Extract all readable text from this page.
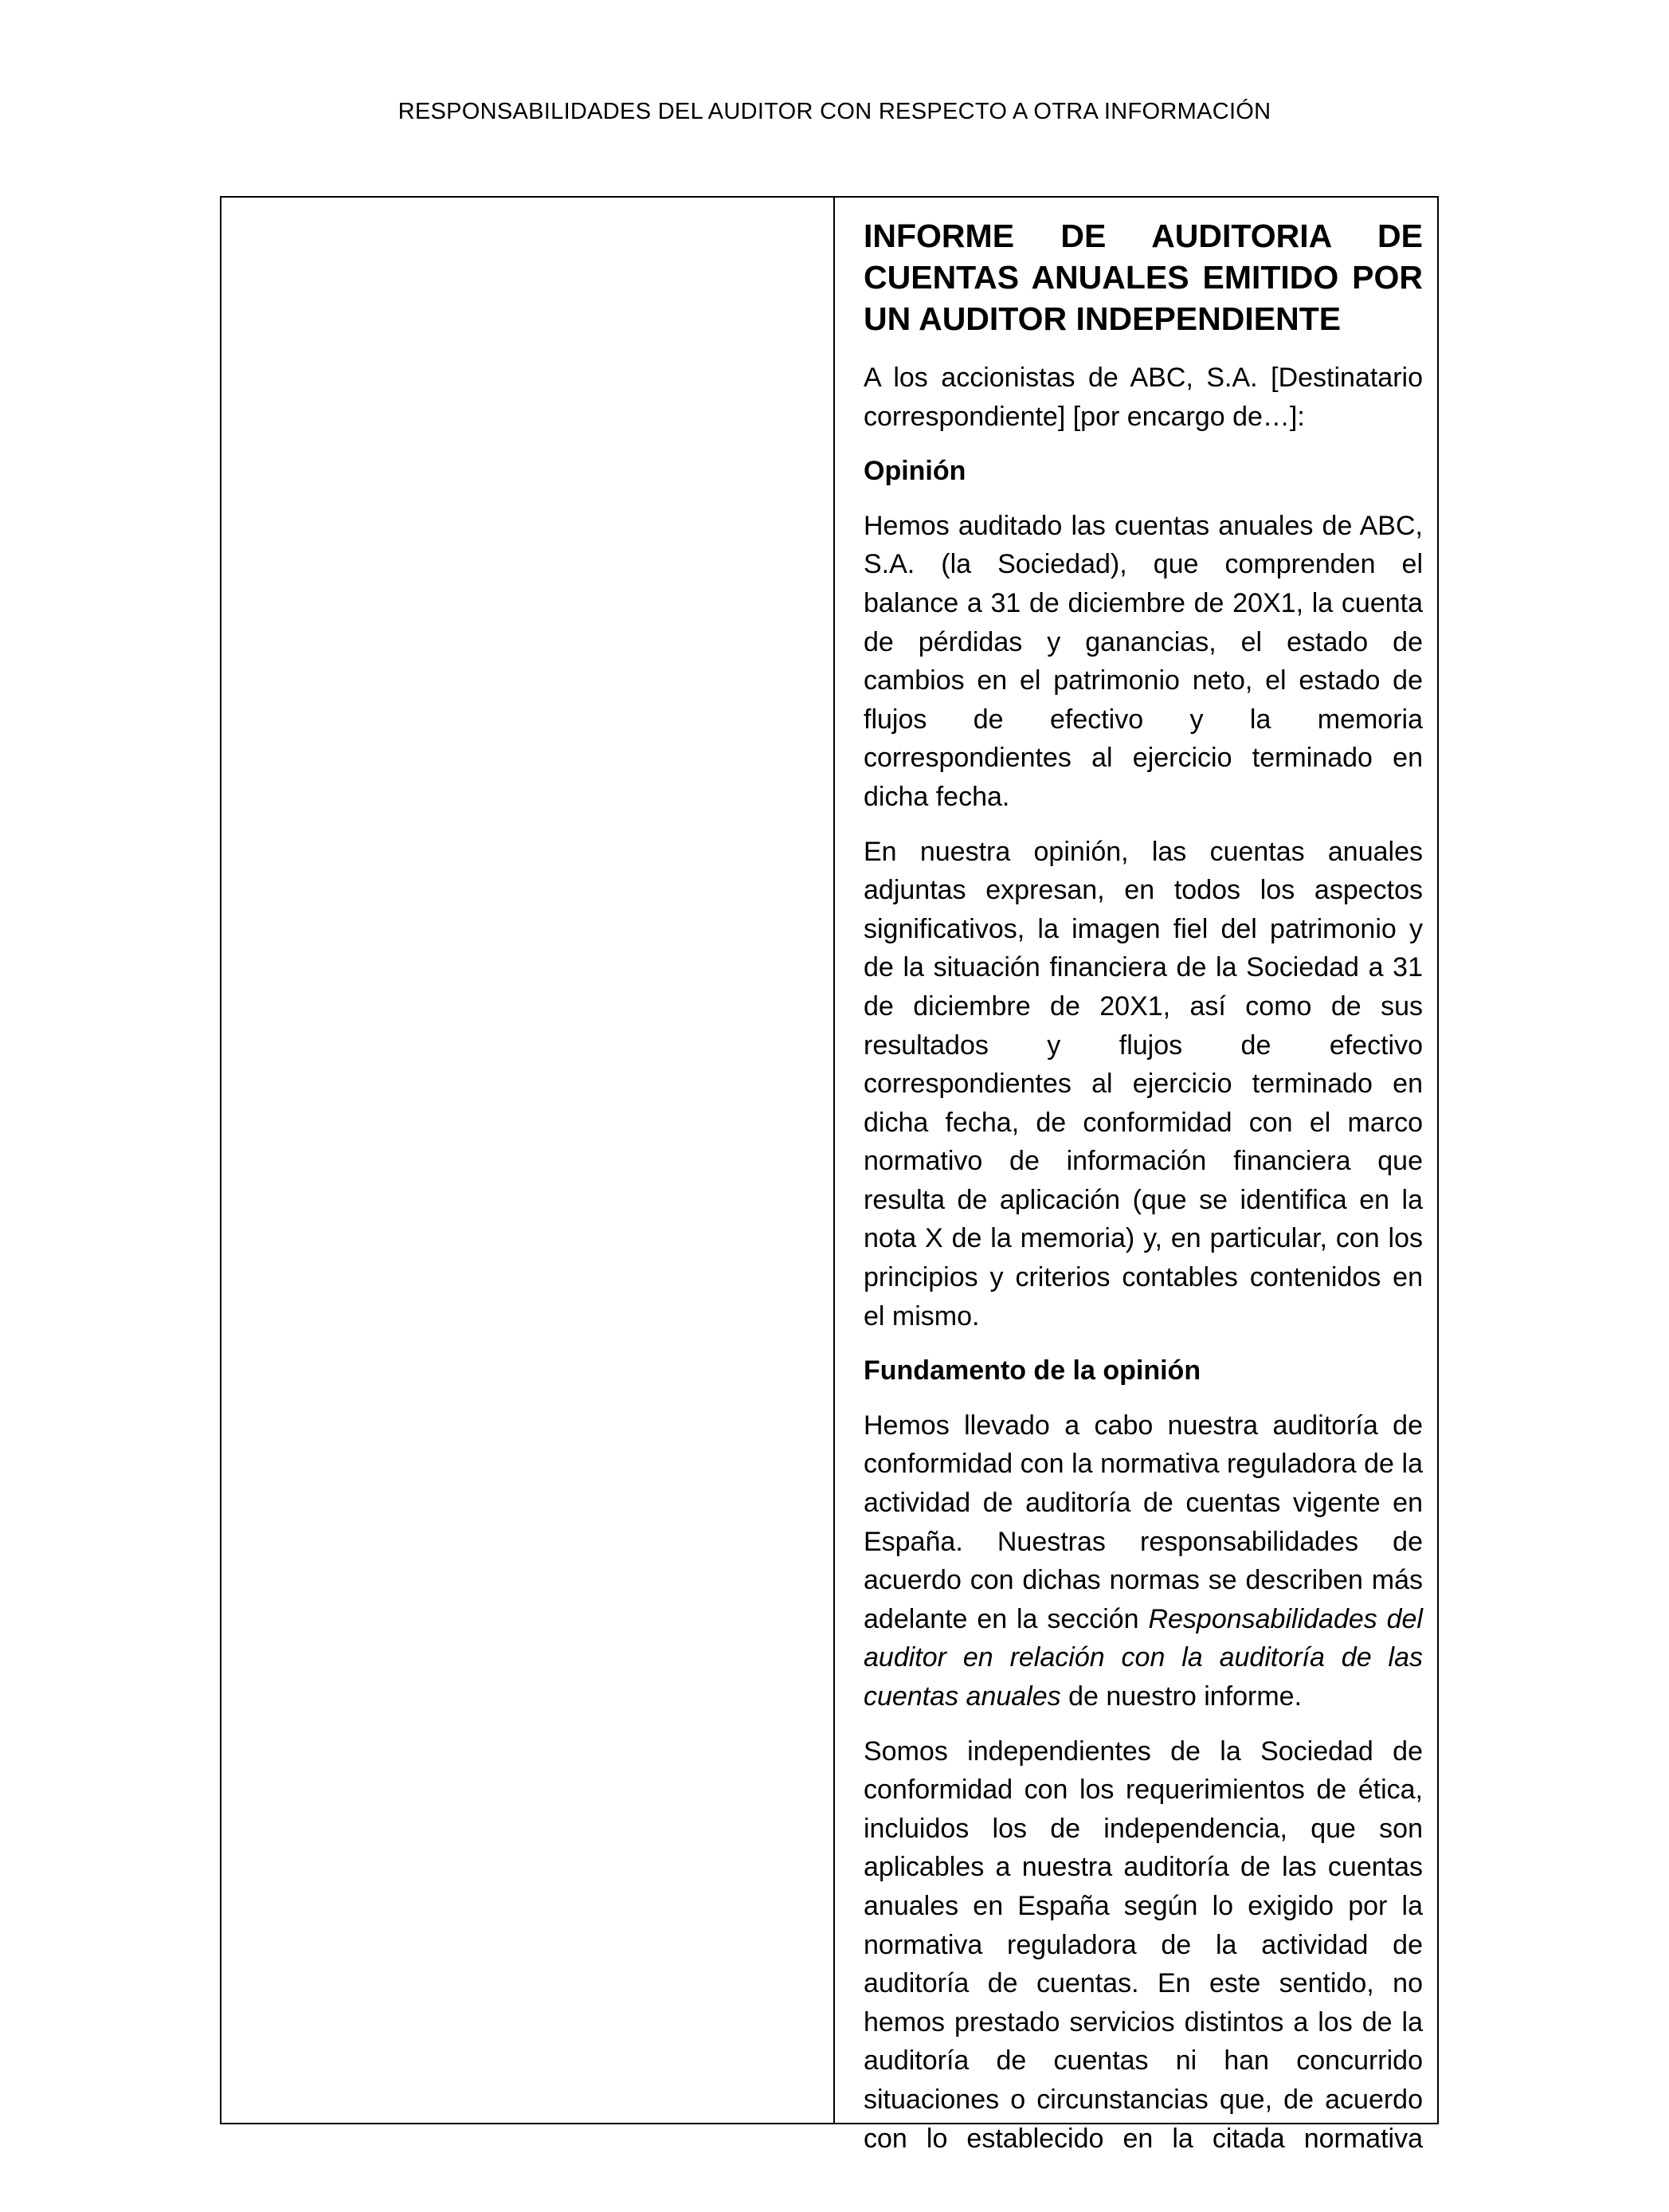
RESPONSABILIDADES DEL AUDITOR CON RESPECTO A OTRA INFORMACIÓN
INFORME DE AUDITORIA DE CUENTAS ANUALES EMITIDO POR UN AUDITOR INDEPENDIENTE

A los accionistas de ABC, S.A. [Destinatario correspondiente] [por encargo de…]:

Opinión

Hemos auditado las cuentas anuales de ABC, S.A. (la Sociedad), que comprenden el balance a 31 de diciembre de 20X1, la cuenta de pérdidas y ganancias, el estado de cambios en el patrimonio neto, el estado de flujos de efectivo y la memoria correspondientes al ejercicio terminado en dicha fecha.

En nuestra opinión, las cuentas anuales adjuntas expresan, en todos los aspectos significativos, la imagen fiel del patrimonio y de la situación financiera de la Sociedad a 31 de diciembre de 20X1, así como de sus resultados y flujos de efectivo correspondientes al ejercicio terminado en dicha fecha, de conformidad con el marco normativo de información financiera que resulta de aplicación (que se identifica en la nota X de la memoria) y, en particular, con los principios y criterios contables contenidos en el mismo.

Fundamento de la opinión

Hemos llevado a cabo nuestra auditoría de conformidad con la normativa reguladora de la actividad de auditoría de cuentas vigente en España. Nuestras responsabilidades de acuerdo con dichas normas se describen más adelante en la sección Responsabilidades del auditor en relación con la auditoría de las cuentas anuales de nuestro informe.

Somos independientes de la Sociedad de conformidad con los requerimientos de ética, incluidos los de independencia, que son aplicables a nuestra auditoría de las cuentas anuales en España según lo exigido por la normativa reguladora de la actividad de auditoría de cuentas. En este sentido, no hemos prestado servicios distintos a los de la auditoría de cuentas ni han concurrido situaciones o circunstancias que, de acuerdo con lo establecido en la citada normativa
